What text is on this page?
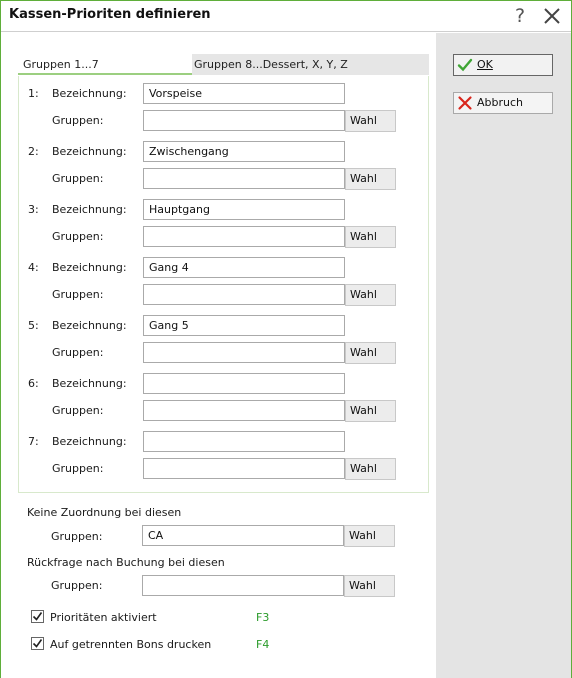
Kassen-Prioriten definieren	?
Gruppen 1...7	Gruppen 8...Dessert, X, Y, Z
1: Bezeichnung:	Vorspeise
Gruppen:	Wahl
2: Bezeichnung:	Zwischengang
Gruppen:	Wahl
3: Bezeichnung:	Hauptgang
Gruppen:	Wahl
4: Bezeichnung:	Gang 4
Gruppen:	Wahl
5: Bezeichnung:	Gang 5
Gruppen:	Wahl
6: Bezeichnung:
Gruppen:	Wahl
7: Bezeichnung:
Gruppen:	Wahl
Keine Zuordnung bei diesen
Gruppen:	CA	Wahl
Rückfrage nach Buchung bei diesen
Gruppen:	Wahl
Prioritäten aktiviert	F3
Auf getrennten Bons drucken	F4
OK
Abbruch
